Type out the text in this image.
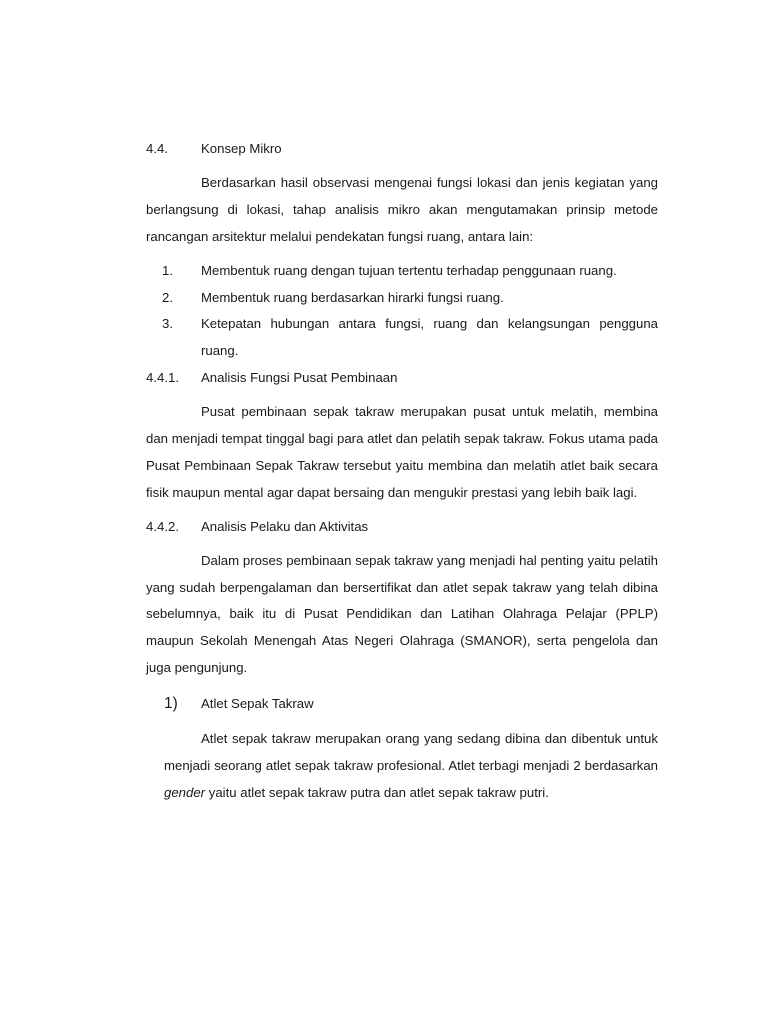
4.4.	Konsep Mikro

Berdasarkan hasil observasi mengenai fungsi lokasi dan jenis kegiatan yang berlangsung di lokasi, tahap analisis mikro akan mengutamakan prinsip metode rancangan arsitektur melalui pendekatan fungsi ruang, antara lain:

1.	Membentuk ruang dengan tujuan tertentu terhadap penggunaan ruang.
2.	Membentuk ruang berdasarkan hirarki fungsi ruang.
3.	Ketepatan hubungan antara fungsi, ruang dan kelangsungan pengguna ruang.
4.4.1.	Analisis Fungsi Pusat Pembinaan

Pusat pembinaan sepak takraw merupakan pusat untuk melatih, membina dan menjadi tempat tinggal bagi para atlet dan pelatih sepak takraw. Fokus utama pada Pusat Pembinaan Sepak Takraw tersebut yaitu membina dan melatih atlet baik secara fisik maupun mental agar dapat bersaing dan mengukir prestasi yang lebih baik lagi.

4.4.2.	Analisis Pelaku dan Aktivitas

Dalam proses pembinaan sepak takraw yang menjadi hal penting yaitu pelatih yang sudah berpengalaman dan bersertifikat dan atlet sepak takraw yang telah dibina sebelumnya, baik itu di Pusat Pendidikan dan Latihan Olahraga Pelajar (PPLP) maupun Sekolah Menengah Atas Negeri Olahraga (SMANOR), serta pengelola dan juga pengunjung.

1)	Atlet Sepak Takraw

Atlet sepak takraw merupakan orang yang sedang dibina dan dibentuk untuk menjadi seorang atlet sepak takraw profesional. Atlet terbagi menjadi 2 berdasarkan gender yaitu atlet sepak takraw putra dan atlet sepak takraw putri.
